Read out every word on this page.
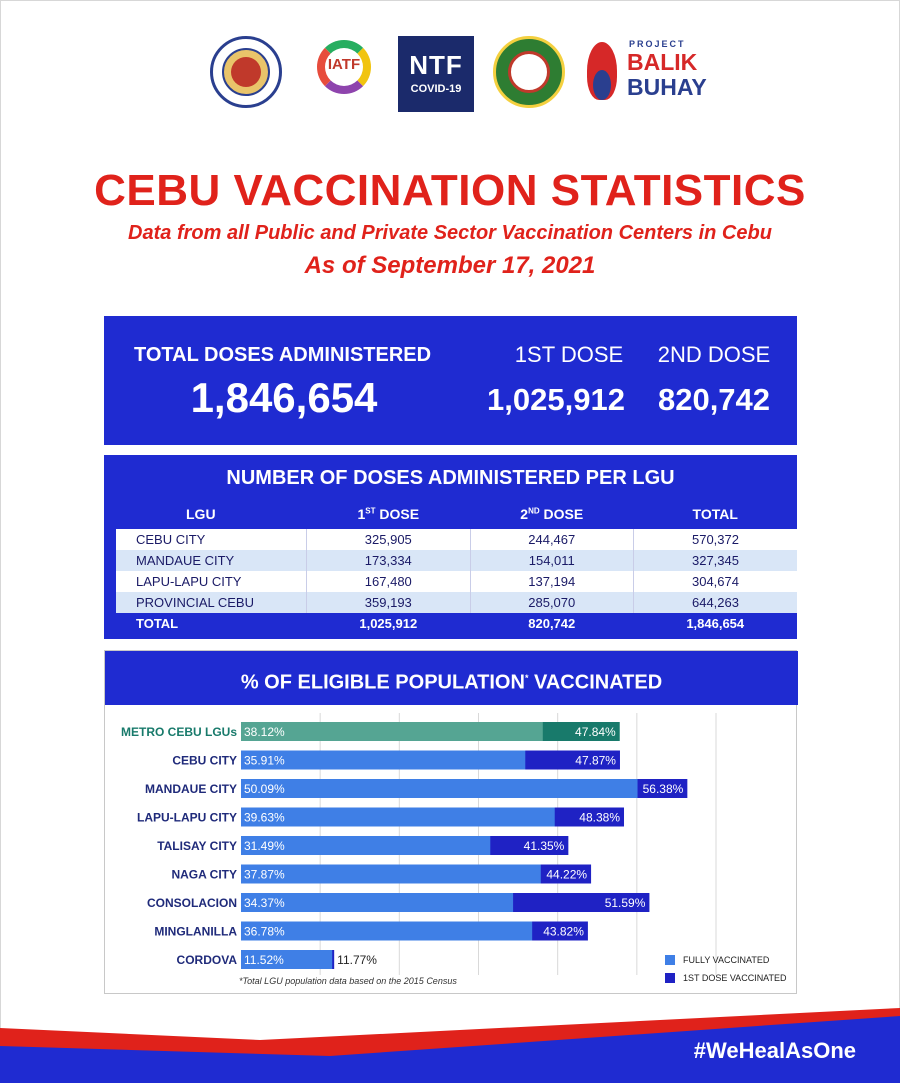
IATF	NTF
COVID-19
PROJECT
BALIK
BUHAY
CEBU VACCINATION STATISTICS
Data from all Public and Private Sector Vaccination Centers in Cebu
As of September 17, 2021
TOTAL DOSES ADMINISTERED
1,846,654
1ST DOSE	2ND DOSE
1,025,912	820,742
NUMBER OF DOSES ADMINISTERED PER LGU
LGU	1ST DOSE	2ND DOSE	TOTAL
CEBU CITY	325,905	244,467	570,372
MANDAUE CITY	173,334	154,011	327,345
LAPU-LAPU CITY	167,480	137,194	304,674
PROVINCIAL CEBU	359,193	285,070	644,263
TOTAL	1,025,912	820,742	1,846,654
% OF ELIGIBLE POPULATION* VACCINATED
METRO CEBU LGUs 38.12%	47.84%
CEBU CITY 35.91%	47.87%
MANDAUE CITY 50.09%	56.38%
LAPU-LAPU CITY 39.63%	48.38%
TALISAY CITY 31.49%	41.35%
NAGA CITY 37.87%	44.22%
CONSOLACION 34.37%	51.59%
MINGLANILLA 36.78%	43.82%
CORDOVA 11.52%	11.77%	FULLY VACCINATED
1ST DOSE VACCINATED
*Total LGU population data based on the 2015 Census
#WeHealAsOne
